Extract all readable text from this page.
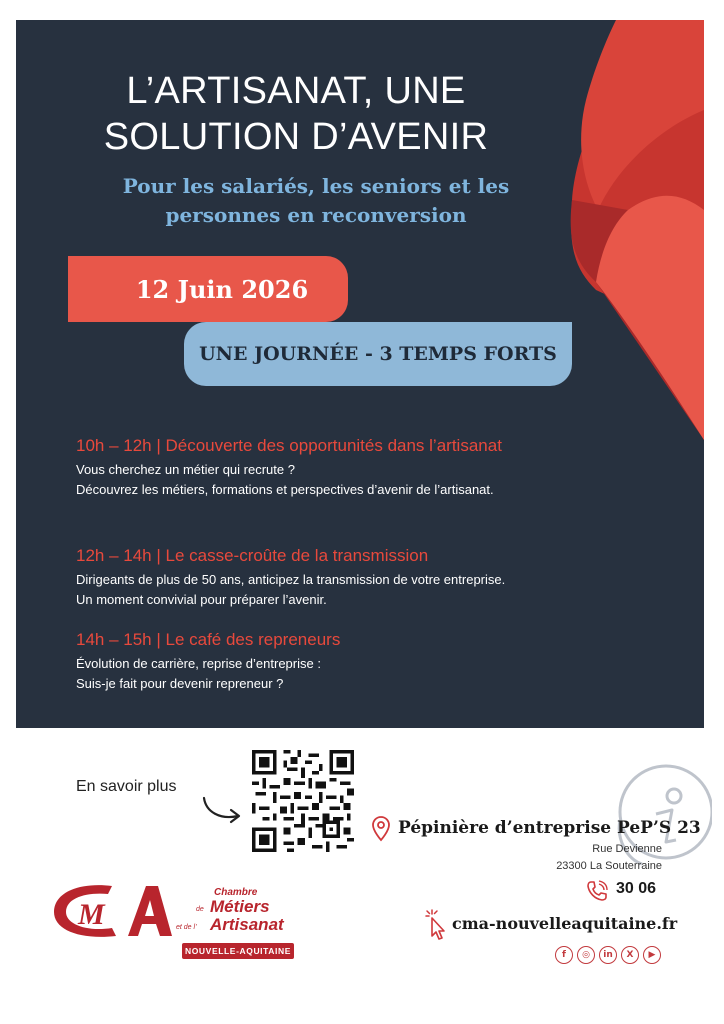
L’ARTISANAT, UNE
SOLUTION D’AVENIR
Pour les salariés, les seniors et les personnes en reconversion
12 Juin 2026
UNE JOURNÉE - 3 TEMPS FORTS
10h – 12h | Découverte des opportunités dans l’artisanat
Vous cherchez un métier qui recrute ?
Découvrez les métiers, formations et perspectives d’avenir de l’artisanat.
12h – 14h | Le casse-croûte de la transmission
Dirigeants de plus de 50 ans, anticipez la transmission de votre entreprise.
Un moment convivial pour préparer l’avenir.
14h – 15h | Le café des repreneurs
Évolution de carrière, reprise d’entreprise :
Suis-je fait pour devenir repreneur ?
En savoir plus
Pépinière d’entreprise PeP’S 23
Rue Devienne
23300 La Souterraine
30 06
cma-nouvelleaquitaine.fr
f	◎	in	X	▶
M
Chambre
de Métiers
et de l’ Artisanat
NOUVELLE-AQUITAINE
